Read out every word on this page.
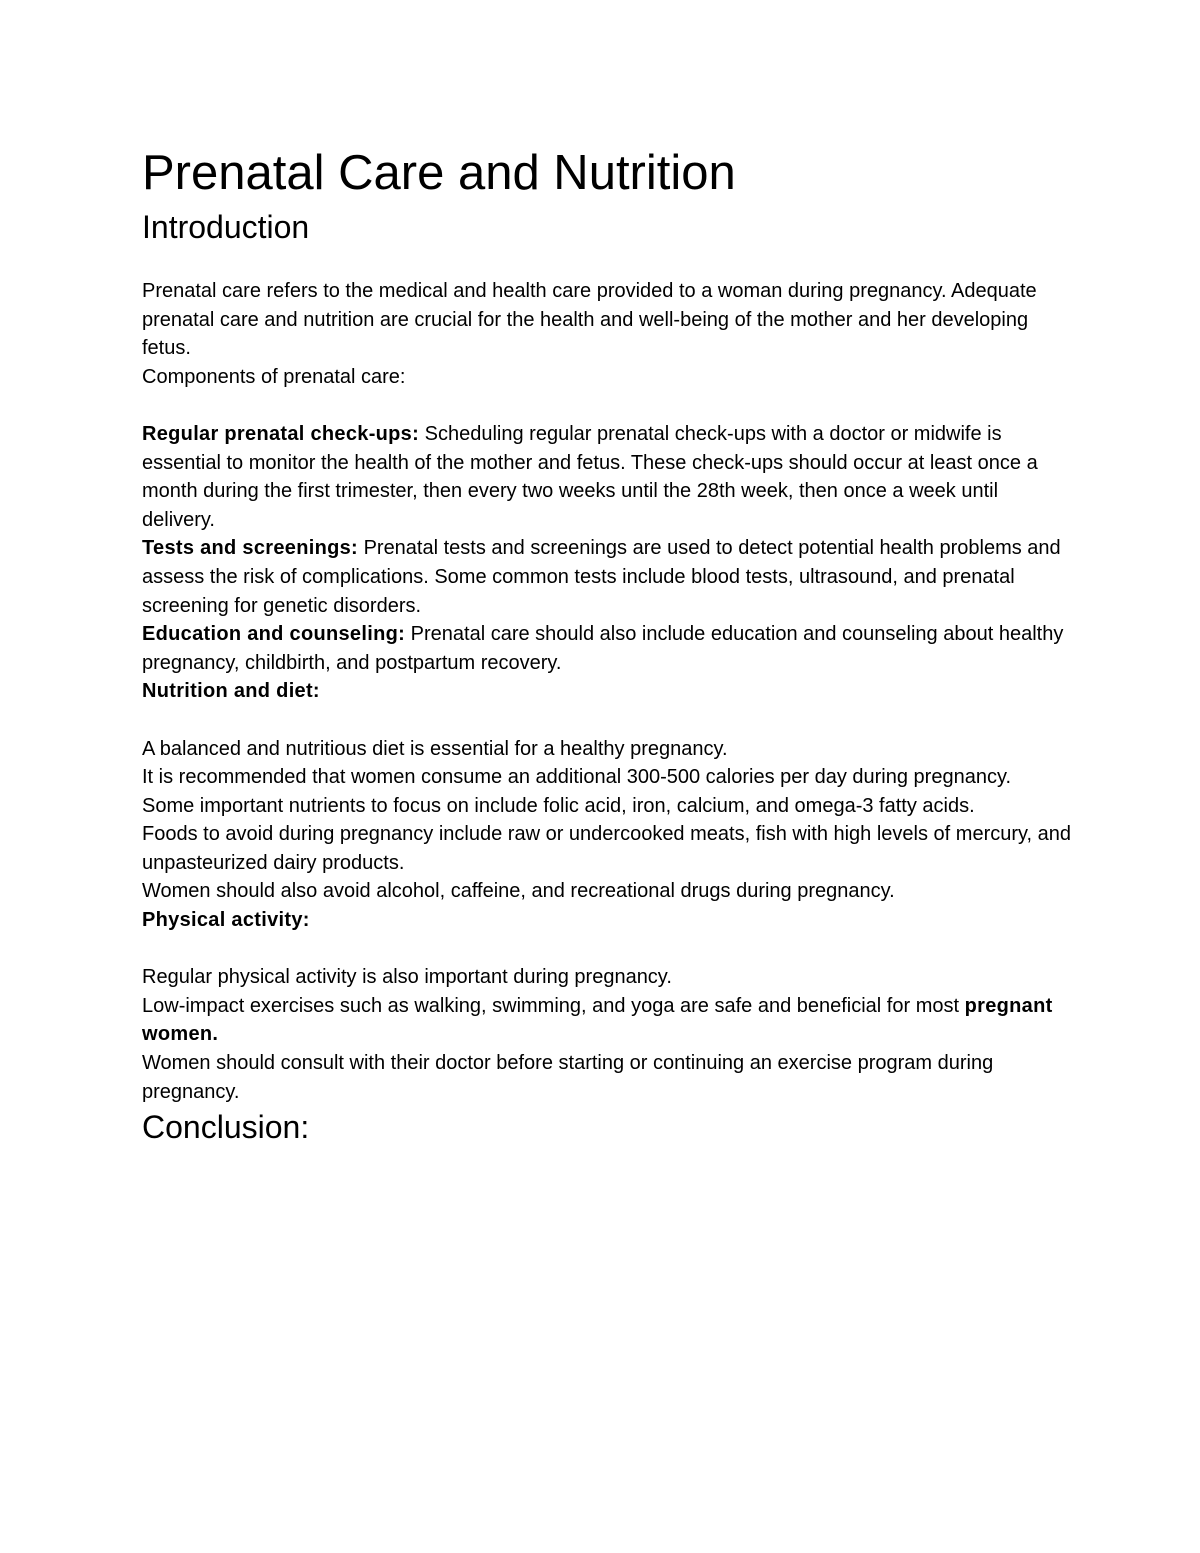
Prenatal Care and Nutrition
Introduction
Prenatal care refers to the medical and health care provided to a woman during pregnancy. Adequate prenatal care and nutrition are crucial for the health and well-being of the mother and her developing fetus.
Components of prenatal care:
Regular prenatal check-ups: Scheduling regular prenatal check-ups with a doctor or midwife is essential to monitor the health of the mother and fetus. These check-ups should occur at least once a month during the first trimester, then every two weeks until the 28th week, then once a week until delivery.
Tests and screenings: Prenatal tests and screenings are used to detect potential health problems and assess the risk of complications. Some common tests include blood tests, ultrasound, and prenatal screening for genetic disorders.
Education and counseling: Prenatal care should also include education and counseling about healthy pregnancy, childbirth, and postpartum recovery.
Nutrition and diet:
A balanced and nutritious diet is essential for a healthy pregnancy.
It is recommended that women consume an additional 300-500 calories per day during pregnancy.
Some important nutrients to focus on include folic acid, iron, calcium, and omega-3 fatty acids.
Foods to avoid during pregnancy include raw or undercooked meats, fish with high levels of mercury, and unpasteurized dairy products.
Women should also avoid alcohol, caffeine, and recreational drugs during pregnancy.
Physical activity:
Regular physical activity is also important during pregnancy.
Low-impact exercises such as walking, swimming, and yoga are safe and beneficial for most pregnant women.
Women should consult with their doctor before starting or continuing an exercise program during pregnancy.
Conclusion:
